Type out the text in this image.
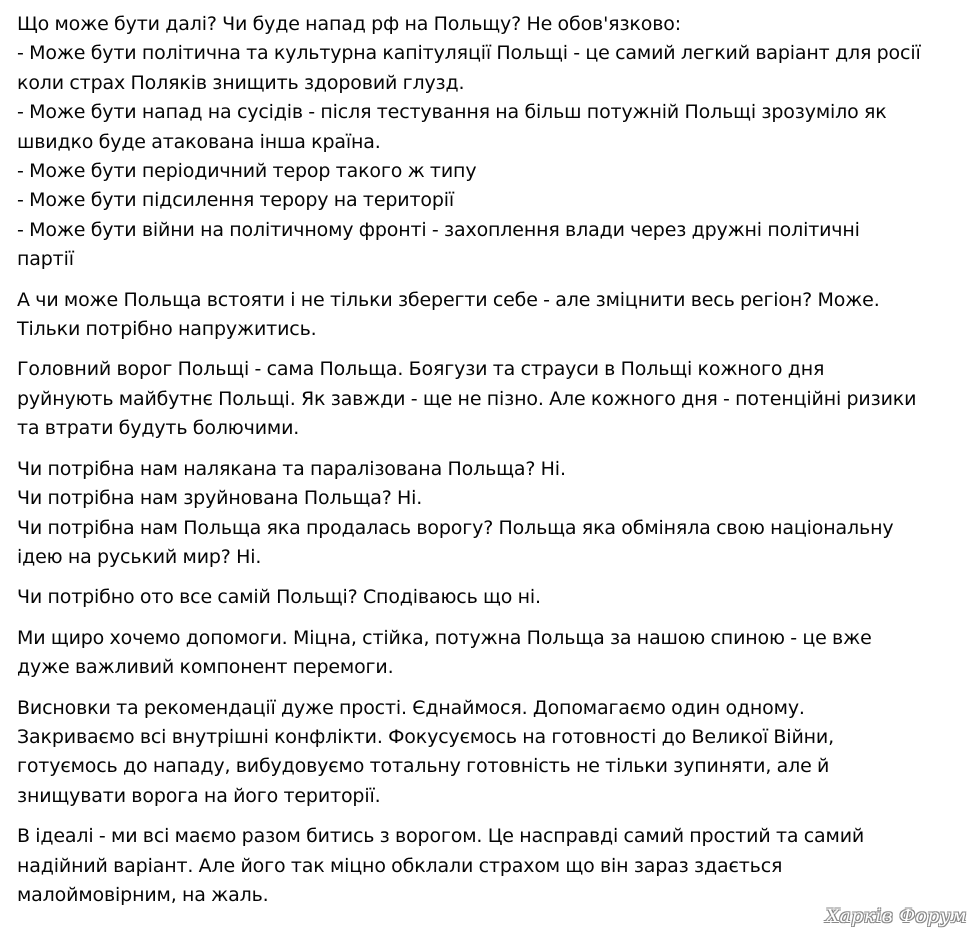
Що може бути далі? Чи буде напад рф на Польщу? Не обов'язково:
- Може бути політична та культурна капітуляції Польщі - це самий легкий варіант для росії
коли страх Поляків знищить здоровий глузд.
- Може бути напад на сусідів - після тестування на більш потужній Польщі зрозуміло як
швидко буде атакована інша країна.
- Може бути періодичний терор такого ж типу
- Може бути підсилення терору на території
- Може бути війни на політичному фронті - захоплення влади через дружні політичні
партії

А чи може Польща встояти і не тільки зберегти себе - але зміцнити весь регіон? Може.
Тільки потрібно напружитись.

Головний ворог Польщі - сама Польща. Боягузи та страуси в Польщі кожного дня
руйнують майбутнє Польщі. Як завжди - ще не пізно. Але кожного дня - потенційні ризики
та втрати будуть болючими.

Чи потрібна нам налякана та паралізована Польща? Ні.
Чи потрібна нам зруйнована Польща? Ні.
Чи потрібна нам Польща яка продалась ворогу? Польща яка обміняла свою національну
ідею на руський мир? Ні.

Чи потрібно ото все самій Польщі? Сподіваюсь що ні.

Ми щиро хочемо допомоги. Міцна, стійка, потужна Польща за нашою спиною - це вже
дуже важливий компонент перемоги.

Висновки та рекомендації дуже прості. Єднаймося. Допомагаємо один одному.
Закриваємо всі внутрішні конфлікти. Фокусуємось на готовності до Великої Війни,
готуємось до нападу, вибудовуємо тотальну готовність не тільки зупиняти, але й
знищувати ворога на його території.

В ідеалі - ми всі маємо разом битись з ворогом. Це насправді самий простий та самий
надійний варіант. Але його так міцно обклали страхом що він зараз здається
малоймовірним, на жаль.

Харків Форум
